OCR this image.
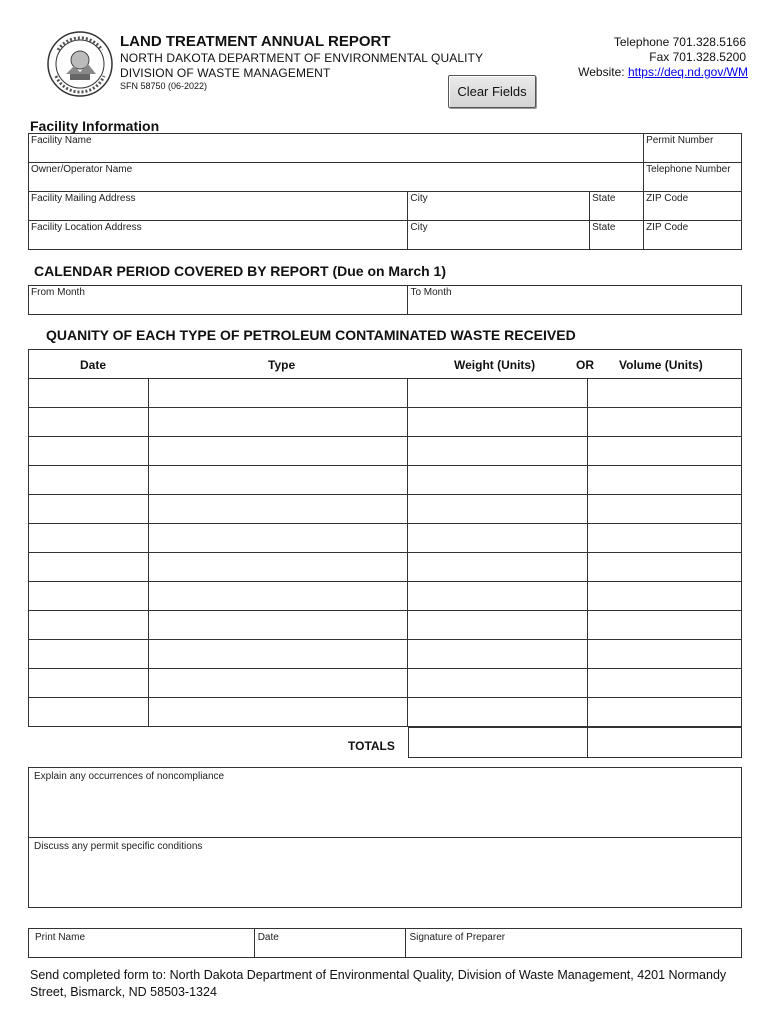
LAND TREATMENT ANNUAL REPORT
NORTH DAKOTA DEPARTMENT OF ENVIRONMENTAL QUALITY
DIVISION OF WASTE MANAGEMENT
SFN 58750 (06-2022)	Clear Fields
Telephone 701.328.5166
Fax 701.328.5200
Website: https://deq.nd.gov/WM
Facility Information
Facility Name			Permit Number
Owner/Operator Name			Telephone Number
Facility Mailing Address	City	State	ZIP Code
Facility Location Address	City	State	ZIP Code
CALENDAR PERIOD COVERED BY REPORT (Due on March 1)
From Month	To Month
QUANITY OF EACH TYPE OF PETROLEUM CONTAMINATED WASTE RECEIVED
Date	Type	Weight (Units)	OR Volume (Units)

TOTALS

Explain any occurrences of noncompliance
Discuss any permit specific conditions
Print Name	Date	Signature of Preparer
Send completed form to: North Dakota Department of Environmental Quality, Division of Waste Management, 4201 Normandy Street, Bismarck, ND 58503-1324
